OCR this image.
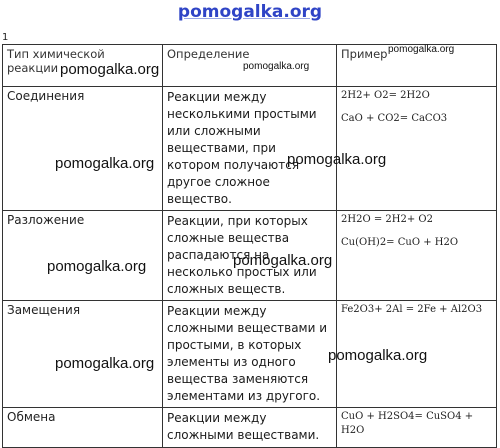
pomogalka.org
1
Тип химической реакции	Определение	Пример
Соединения	Реакции между несколькими простыми или сложными веществами, при котором получаются другое сложное вещество.	2H2+ O2= 2H2O
CaO + CO2= CaCO3

Разложение	Реакции, при которых сложные вещества распадаются на несколько простых или сложных веществ.	2H2O = 2H2+ O2
Cu(OH)2= CuO + H2O

Замещения	Реакции между сложными веществами и простыми, в которых элементы из одного вещества заменяются элементами из другого.	Fe2O3+ 2Al = 2Fe + Al2O3

Обмена	Реакции между сложными веществами.	CuO + H2SO4= CuSO4 + H2O
pomogalka.org	pomogalka.org
pomogalka.org
pomogalka.org	pomogalka.org
pomogalka.org	pomogalka.org
pomogalka.org	pomogalka.org
